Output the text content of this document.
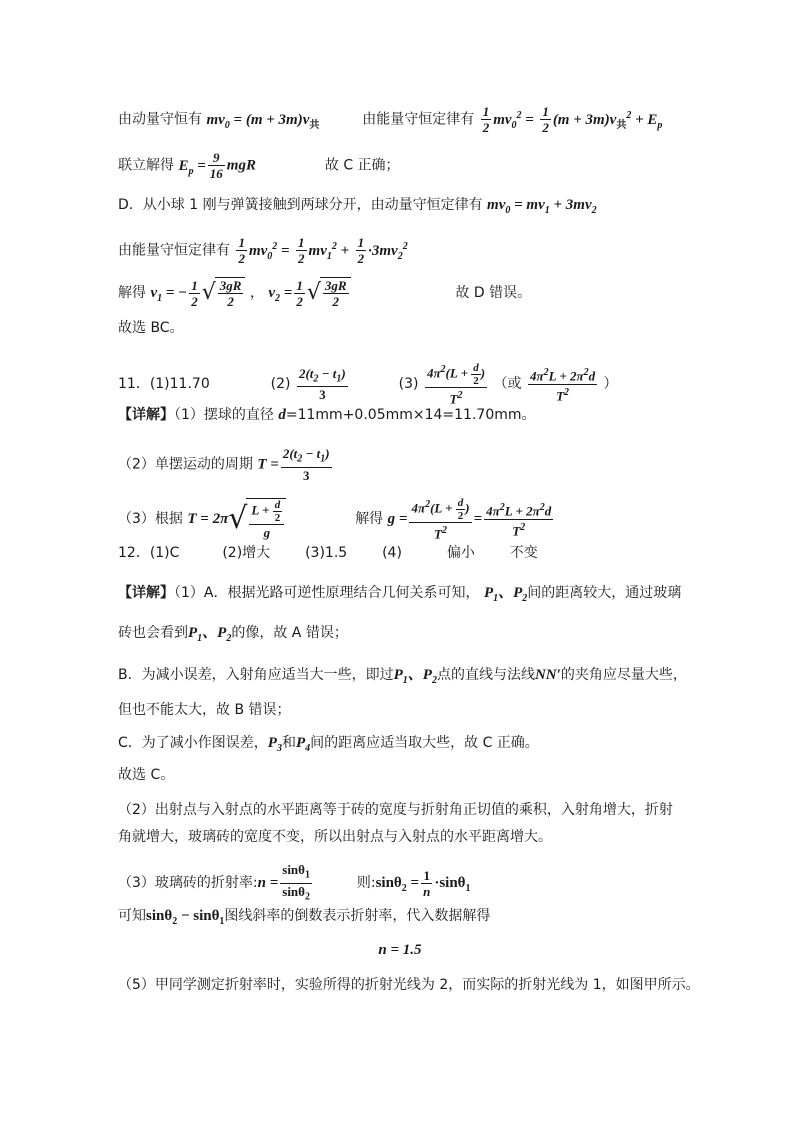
由动量守恒有 $mv_0 = (m + 3m)v_共$	由能量守恒定律有 $\frac{1}{2} mv_0^2 = \frac{1}{2} (m + 3m)v_共^2 + E_p$
联立解得 $E_p = \frac{9}{16}$ mgR	故 C 正确；
D．从小球 1 刚与弹簧接触到两球分开，由动量守恒定律有 $mv_0 = mv_1 + 3mv_2$
由能量守恒定律有 $\frac{1}{2} mv_0^2 = \frac{1}{2} mv_1^2 + \frac{1}{2} \cdot 3mv_2^2$
解得 $v_1$ = − $\frac{1}{2}$ √ $\frac{3gR}{2}$ ， $v_2 = \frac{1}{2}$ √ $\frac{3gR}{2}$	故 D 错误。
故选 BC。
11．(1)11.70	$(2) \frac{2(t_2 - t_1)}{3}$	$(3) \frac{4\pi^2(L + \frac{d}{2} )}{T^2}$ （或 $\frac{4\pi^2L + 2\pi^2d}{T^2}$ ）
【详解】（1）摆球的直径 d=11mm+0.05mm×14=11.70mm。
（2）单摆运动的周期 $T = \frac{2(t_2 - t_1)}{3}$
（3）根据 $T = 2\pi√ \frac{L + \frac{d}{2}}{g}$	解得 $g = \frac{4\pi^2(L + \frac{d}{2} )}{T^2} = \frac{4\pi^2L + 2\pi^2d}{T^2}$
12．(1)C	(2)增大 (3)1.5 (4)	偏小 不变
【详解】（1）A．根据光路可逆性原理结合几何关系可知， $P_1$、$P_2$间的距离较大，通过玻璃
砖也会看到$P_1$、$P_2$的像，故 A 错误；
B．为减小误差，入射角应适当大一些，即过$P_1$、$P_2$点的直线与法线NN′的夹角应尽量大些，
但也不能太大，故 B 错误；
C．为了减小作图误差，$P_3$和$P_4$间的距离应适当取大些，故 C 正确。
故选 C。
（2）出射点与入射点的水平距离等于砖的宽度与折射角正切值的乘积，入射角增大，折射
角就增大，玻璃砖的宽度不变，所以出射点与入射点的水平距离增大。
（3）玻璃砖的折射率:n = $\frac{\sin\theta_1}{\sin\theta_2}$	则:sinθ$_2$ = $\frac{1}{n} \cdot\sin\theta_1$
可知sinθ$_2$ − sinθ$_1$图线斜率的倒数表示折射率，代入数据解得
n = 1.5
（5）甲同学测定折射率时，实验所得的折射光线为 2，而实际的折射光线为 1，如图甲所示。
